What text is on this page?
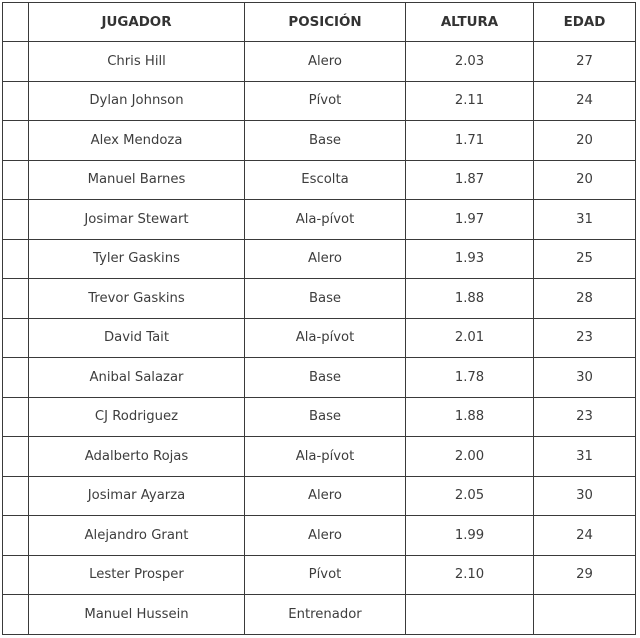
	JUGADOR	POSICIÓN	ALTURA	EDAD
	Chris Hill	Alero	2.03	27
	Dylan Johnson	Pívot	2.11	24
	Alex Mendoza	Base	1.71	20
	Manuel Barnes	Escolta	1.87	20
	Josimar Stewart	Ala-pívot	1.97	31
	Tyler Gaskins	Alero	1.93	25
	Trevor Gaskins	Base	1.88	28
	David Tait	Ala-pívot	2.01	23
	Anibal Salazar	Base	1.78	30
	CJ Rodriguez	Base	1.88	23
	Adalberto Rojas	Ala-pívot	2.00	31
	Josimar Ayarza	Alero	2.05	30
	Alejandro Grant	Alero	1.99	24
	Lester Prosper	Pívot	2.10	29
	Manuel Hussein	Entrenador		
